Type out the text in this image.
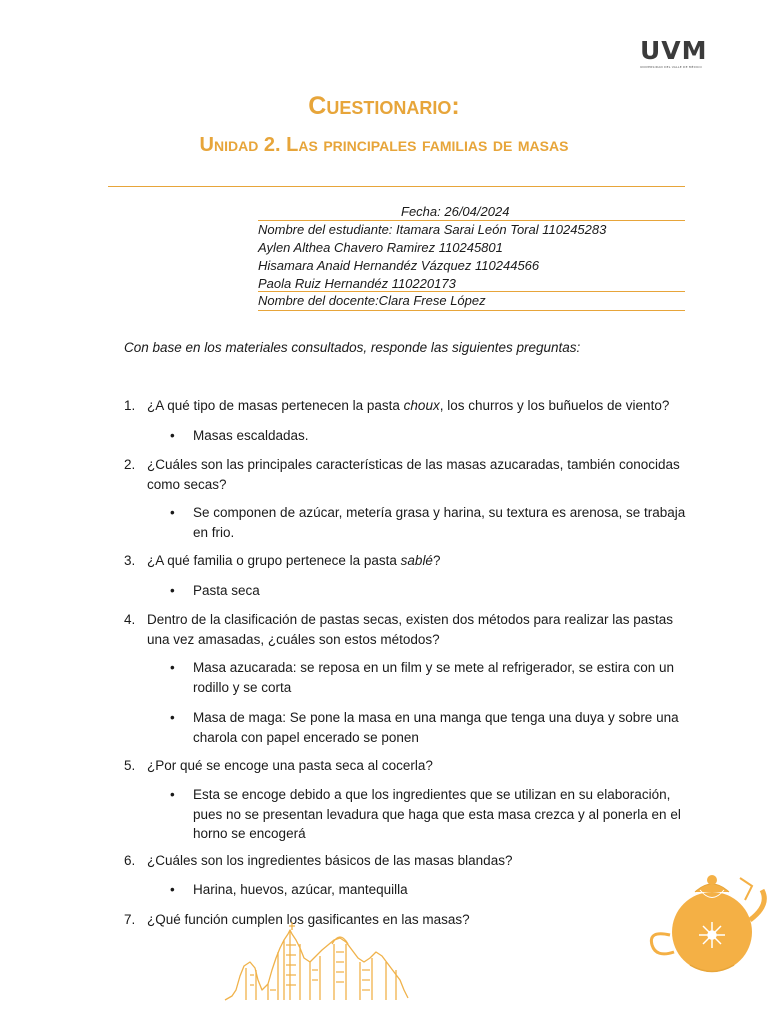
UVM
UNIVERSIDAD DEL VALLE DE MÉXICO
Cuestionario:
Unidad 2. Las principales familias de masas
Fecha: 26/04/2024
Nombre del estudiante: Itamara Sarai León Toral 110245283
Aylen Althea Chavero Ramirez 110245801
Hisamara Anaid Hernandéz Vázquez 110244566
Paola Ruiz Hernandéz 110220173
Nombre del docente:Clara Frese López
Con base en los materiales consultados, responde las siguientes preguntas:
1. ¿A qué tipo de masas pertenecen la pasta choux, los churros y los buñuelos de viento?
• Masas escaldadas.
2. ¿Cuáles son las principales características de las masas azucaradas, también conocidas como secas?
• Se componen de azúcar, metería grasa y harina, su textura es arenosa, se trabaja en frio.
3. ¿A qué familia o grupo pertenece la pasta sablé?
• Pasta seca
4. Dentro de la clasificación de pastas secas, existen dos métodos para realizar las pastas una vez amasadas, ¿cuáles son estos métodos?
• Masa azucarada: se reposa en un film y se mete al refrigerador, se estira con un rodillo y se corta
• Masa de maga: Se pone la masa en una manga que tenga una duya y sobre una charola con papel encerado se ponen
5. ¿Por qué se encoge una pasta seca al cocerla?
• Esta se encoge debido a que los ingredientes que se utilizan en su elaboración, pues no se presentan levadura que haga que esta masa crezca y al ponerla en el horno se encogerá
6. ¿Cuáles son los ingredientes básicos de las masas blandas?
• Harina, huevos, azúcar, mantequilla
7. ¿Qué función cumplen los gasificantes en las masas?
